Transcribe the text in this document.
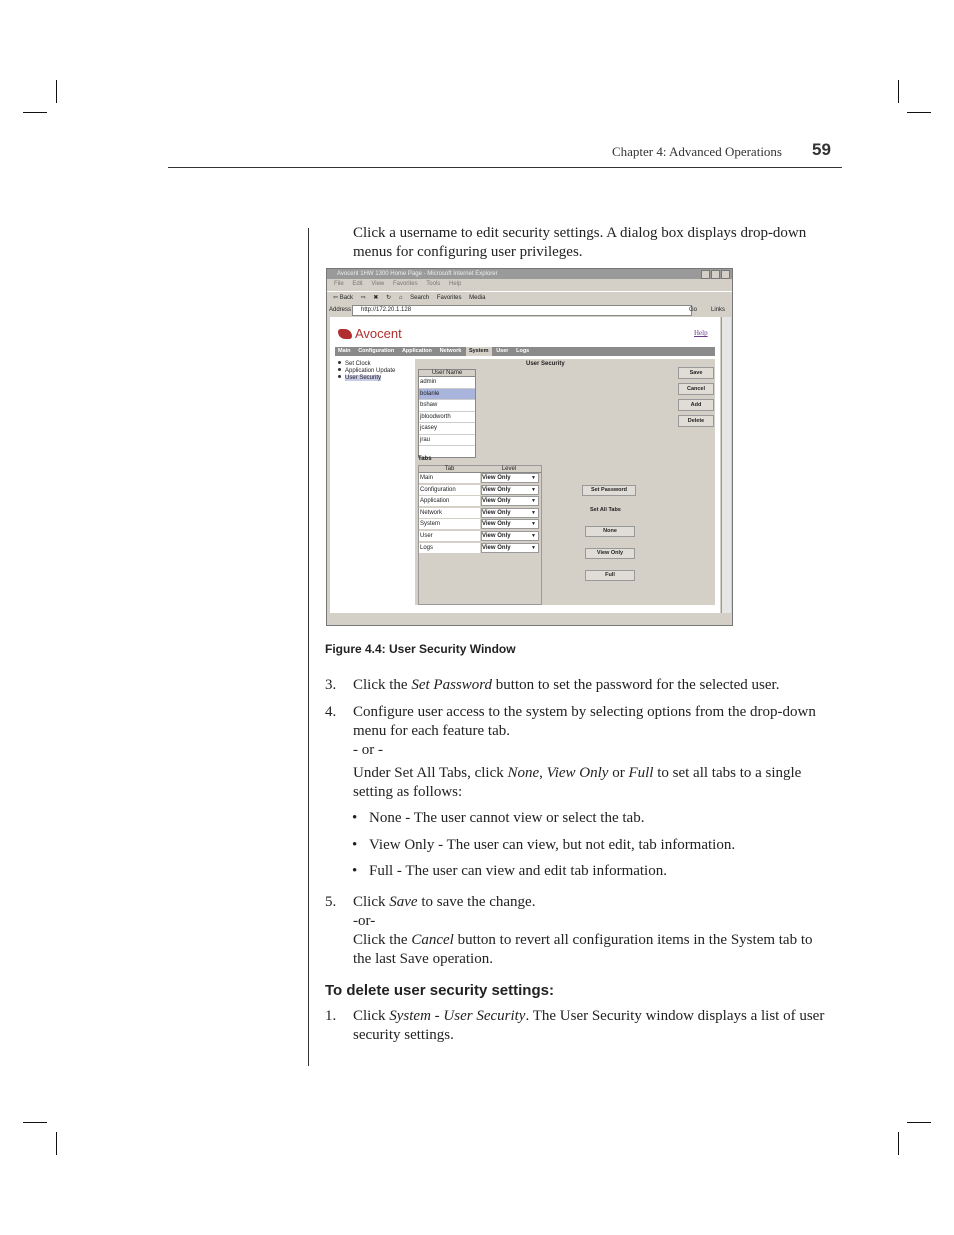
Chapter 4: Advanced Operations 59
Click a username to edit security settings. A dialog box displays drop-down menus for configuring user privileges.
Avocent 1HW 1300 Home Page - Microsoft Internet Explorer
File Edit View Favorites Tools Help
⇦ Back ⇨ ✖ ↻ ⌂ Search Favorites Media
Address	http://172.20.1.128	Go Links
Avocent	Help
Main Configuration Application Network System User Logs
Set Clock
Application Update
User Security
User Security
User Name
admin
bolanle
bshaw
jbloodworth
jcasey
jrau
Tabs
Tab	Level
Main	View Only ▼
Configuration	View Only ▼
Application	View Only ▼
Network	View Only ▼
System	View Only ▼
User	View Only ▼
Logs	View Only ▼
Save
Cancel
Add
Delete
Set Password
Set All Tabs
None
View Only
Full
Figure 4.4: User Security Window
3. Click the Set Password button to set the password for the selected user.
4. Configure user access to the system by selecting options from the drop-down menu for each feature tab.
- or -
Under Set All Tabs, click None, View Only or Full to set all tabs to a single setting as follows:
• None - The user cannot view or select the tab.
• View Only - The user can view, but not edit, tab information.
• Full - The user can view and edit tab information.
5. Click Save to save the change.
-or-
Click the Cancel button to revert all configuration items in the System tab to the last Save operation.
To delete user security settings:
1. Click System - User Security. The User Security window displays a list of user security settings.
